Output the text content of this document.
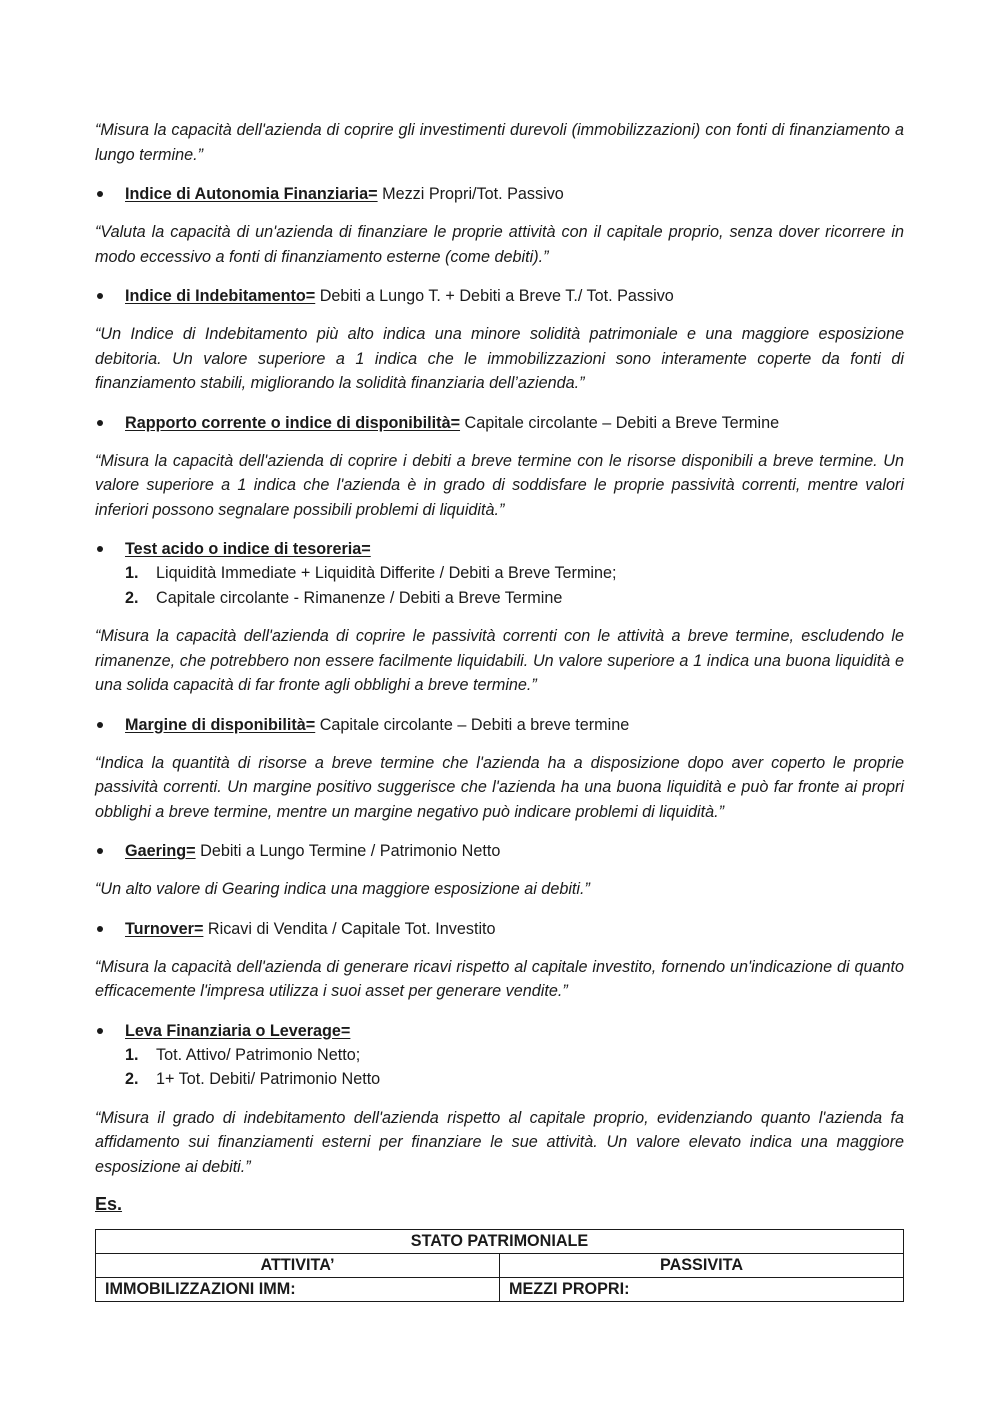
“Misura la capacità dell'azienda di coprire gli investimenti durevoli (immobilizzazioni) con fonti di finanziamento a lungo termine.”

Indice di Autonomia Finanziaria= Mezzi Propri/Tot. Passivo

“Valuta la capacità di un'azienda di finanziare le proprie attività con il capitale proprio, senza dover ricorrere in modo eccessivo a fonti di finanziamento esterne (come debiti).”

Indice di Indebitamento= Debiti a Lungo T. + Debiti a Breve T./ Tot. Passivo

“Un Indice di Indebitamento più alto indica una minore solidità patrimoniale e una maggiore esposizione debitoria. Un valore superiore a 1 indica che le immobilizzazioni sono interamente coperte da fonti di finanziamento stabili, migliorando la solidità finanziaria dell’azienda.”

Rapporto corrente o indice di disponibilità= Capitale circolante – Debiti a Breve Termine

“Misura la capacità dell'azienda di coprire i debiti a breve termine con le risorse disponibili a breve termine. Un valore superiore a 1 indica che l'azienda è in grado di soddisfare le proprie passività correnti, mentre valori inferiori possono segnalare possibili problemi di liquidità.”

Test acido o indice di tesoreria=

1. Liquidità Immediate + Liquidità Differite / Debiti a Breve Termine;
2. Capitale circolante - Rimanenze / Debiti a Breve Termine

“Misura la capacità dell'azienda di coprire le passività correnti con le attività a breve termine, escludendo le rimanenze, che potrebbero non essere facilmente liquidabili. Un valore superiore a 1 indica una buona liquidità e una solida capacità di far fronte agli obblighi a breve termine.”

Margine di disponibilità= Capitale circolante – Debiti a breve termine

“Indica la quantità di risorse a breve termine che l'azienda ha a disposizione dopo aver coperto le proprie passività correnti. Un margine positivo suggerisce che l'azienda ha una buona liquidità e può far fronte ai propri obblighi a breve termine, mentre un margine negativo può indicare problemi di liquidità.”

Gaering= Debiti a Lungo Termine / Patrimonio Netto

“Un alto valore di Gearing indica una maggiore esposizione ai debiti.”

Turnover= Ricavi di Vendita / Capitale Tot. Investito

“Misura la capacità dell'azienda di generare ricavi rispetto al capitale investito, fornendo un'indicazione di quanto efficacemente l'impresa utilizza i suoi asset per generare vendite.”

Leva Finanziaria o Leverage=

1. Tot. Attivo/ Patrimonio Netto;
2. 1+ Tot. Debiti/ Patrimonio Netto

“Misura il grado di indebitamento dell'azienda rispetto al capitale proprio, evidenziando quanto l'azienda fa affidamento sui finanziamenti esterni per finanziare le sue attività. Un valore elevato indica una maggiore esposizione ai debiti.”

Es.

STATO PATRIMONIALE	
ATTIVITA’	PASSIVITA
IMMOBILIZZAZIONI IMM:	MEZZI PROPRI:
